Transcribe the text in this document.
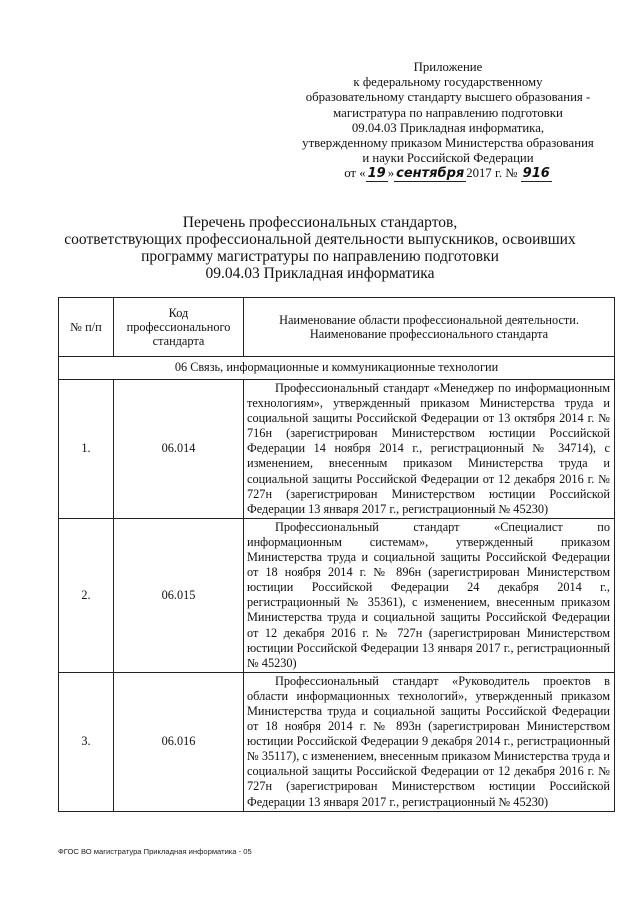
Приложение
к федеральному государственному
образовательному стандарту высшего образования -
магистратура по направлению подготовки
09.04.03 Прикладная информатика,
утвержденному приказом Министерства образования
и науки Российской Федерации
от « 19 » сентября 2017 г. № 916
Перечень профессиональных стандартов,
соответствующих профессиональной деятельности выпускников, освоивших
программу магистратуры по направлению подготовки
09.04.03 Прикладная информатика
№ п/п	Код профессионального стандарта	Наименование области профессиональной деятельности. Наименование профессионального стандарта
06 Связь, информационные и коммуникационные технологии		
1.	06.014	Профессиональный стандарт «Менеджер по информационным технологиям», утвержденный приказом Министерства труда и социальной защиты Российской Федерации от 13 октября 2014 г. № 716н (зарегистрирован Министерством юстиции Российской Федерации 14 ноября 2014 г., регистрационный № 34714), с изменением, внесенным приказом Министерства труда и социальной защиты Российской Федерации от 12 декабря 2016 г. № 727н (зарегистрирован Министерством юстиции Российской Федерации 13 января 2017 г., регистрационный № 45230)

2.	06.015	Профессиональный стандарт «Специалист по информационным системам», утвержденный приказом Министерства труда и социальной защиты Российской Федерации от 18 ноября 2014 г. № 896н (зарегистрирован Министерством юстиции Российской Федерации 24 декабря 2014 г., регистрационный № 35361), с изменением, внесенным приказом Министерства труда и социальной защиты Российской Федерации от 12 декабря 2016 г. № 727н (зарегистрирован Министерством юстиции Российской Федерации 13 января 2017 г., регистрационный № 45230)

3.	06.016	Профессиональный стандарт «Руководитель проектов в области информационных технологий», утвержденный приказом Министерства труда и социальной защиты Российской Федерации от 18 ноября 2014 г. № 893н (зарегистрирован Министерством юстиции Российской Федерации 9 декабря 2014 г., регистрационный № 35117), с изменением, внесенным приказом Министерства труда и социальной защиты Российской Федерации от 12 декабря 2016 г. № 727н (зарегистрирован Министерством юстиции Российской Федерации 13 января 2017 г., регистрационный № 45230)
ФГОС ВО магистратура Прикладная информатика - 05
